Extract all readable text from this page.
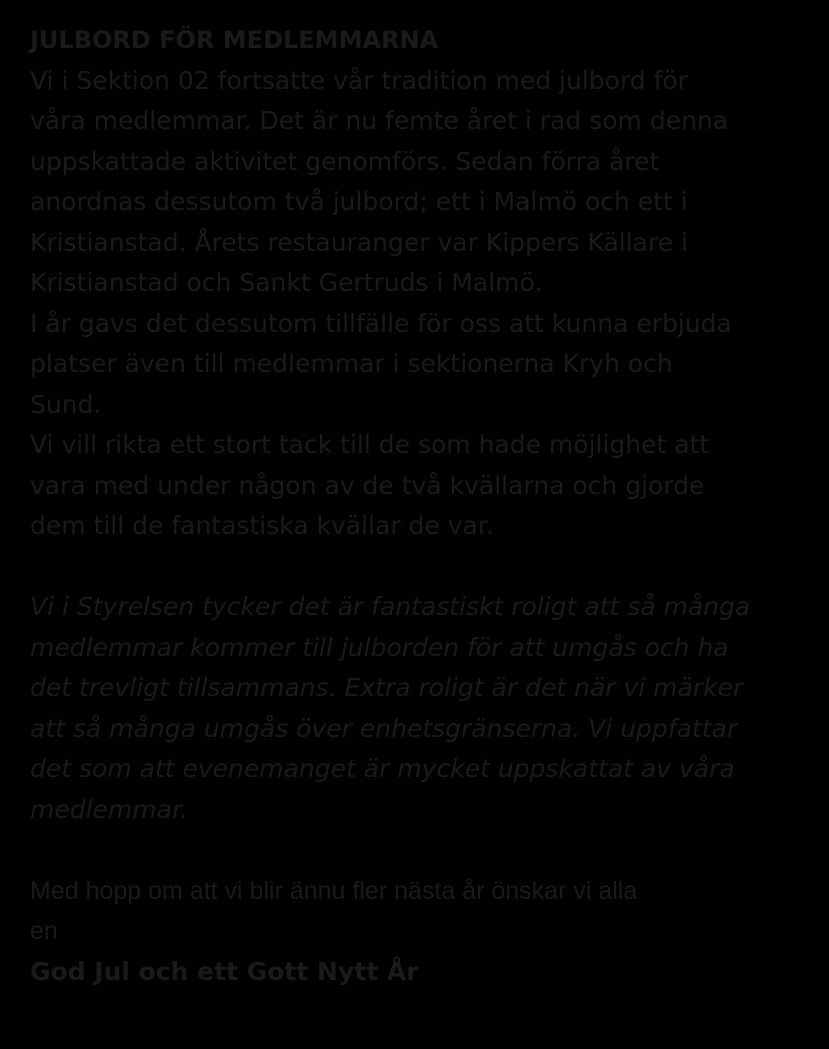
JULBORD FÖR MEDLEMMARNA
Vi i Sektion 02 fortsatte vår tradition med julbord för
våra medlemmar. Det är nu femte året i rad som denna
uppskattade aktivitet genomförs. Sedan förra året
anordnas dessutom två julbord; ett i Malmö och ett i
Kristianstad. Årets restauranger var Kippers Källare i
Kristianstad och Sankt Gertruds i Malmö.
I år gavs det dessutom tillfälle för oss att kunna erbjuda
platser även till medlemmar i sektionerna Kryh och
Sund.
Vi vill rikta ett stort tack till de som hade möjlighet att
vara med under någon av de två kvällarna och gjorde
dem till de fantastiska kvällar de var.
Vi i Styrelsen tycker det är fantastiskt roligt att så många
medlemmar kommer till julborden för att umgås och ha
det trevligt tillsammans. Extra roligt är det när vi märker
att så många umgås över enhetsgränserna. Vi uppfattar
det som att evenemanget är mycket uppskattat av våra
medlemmar.
Med hopp om att vi blir ännu fler nästa år önskar vi alla
en
God Jul och ett Gott Nytt År
